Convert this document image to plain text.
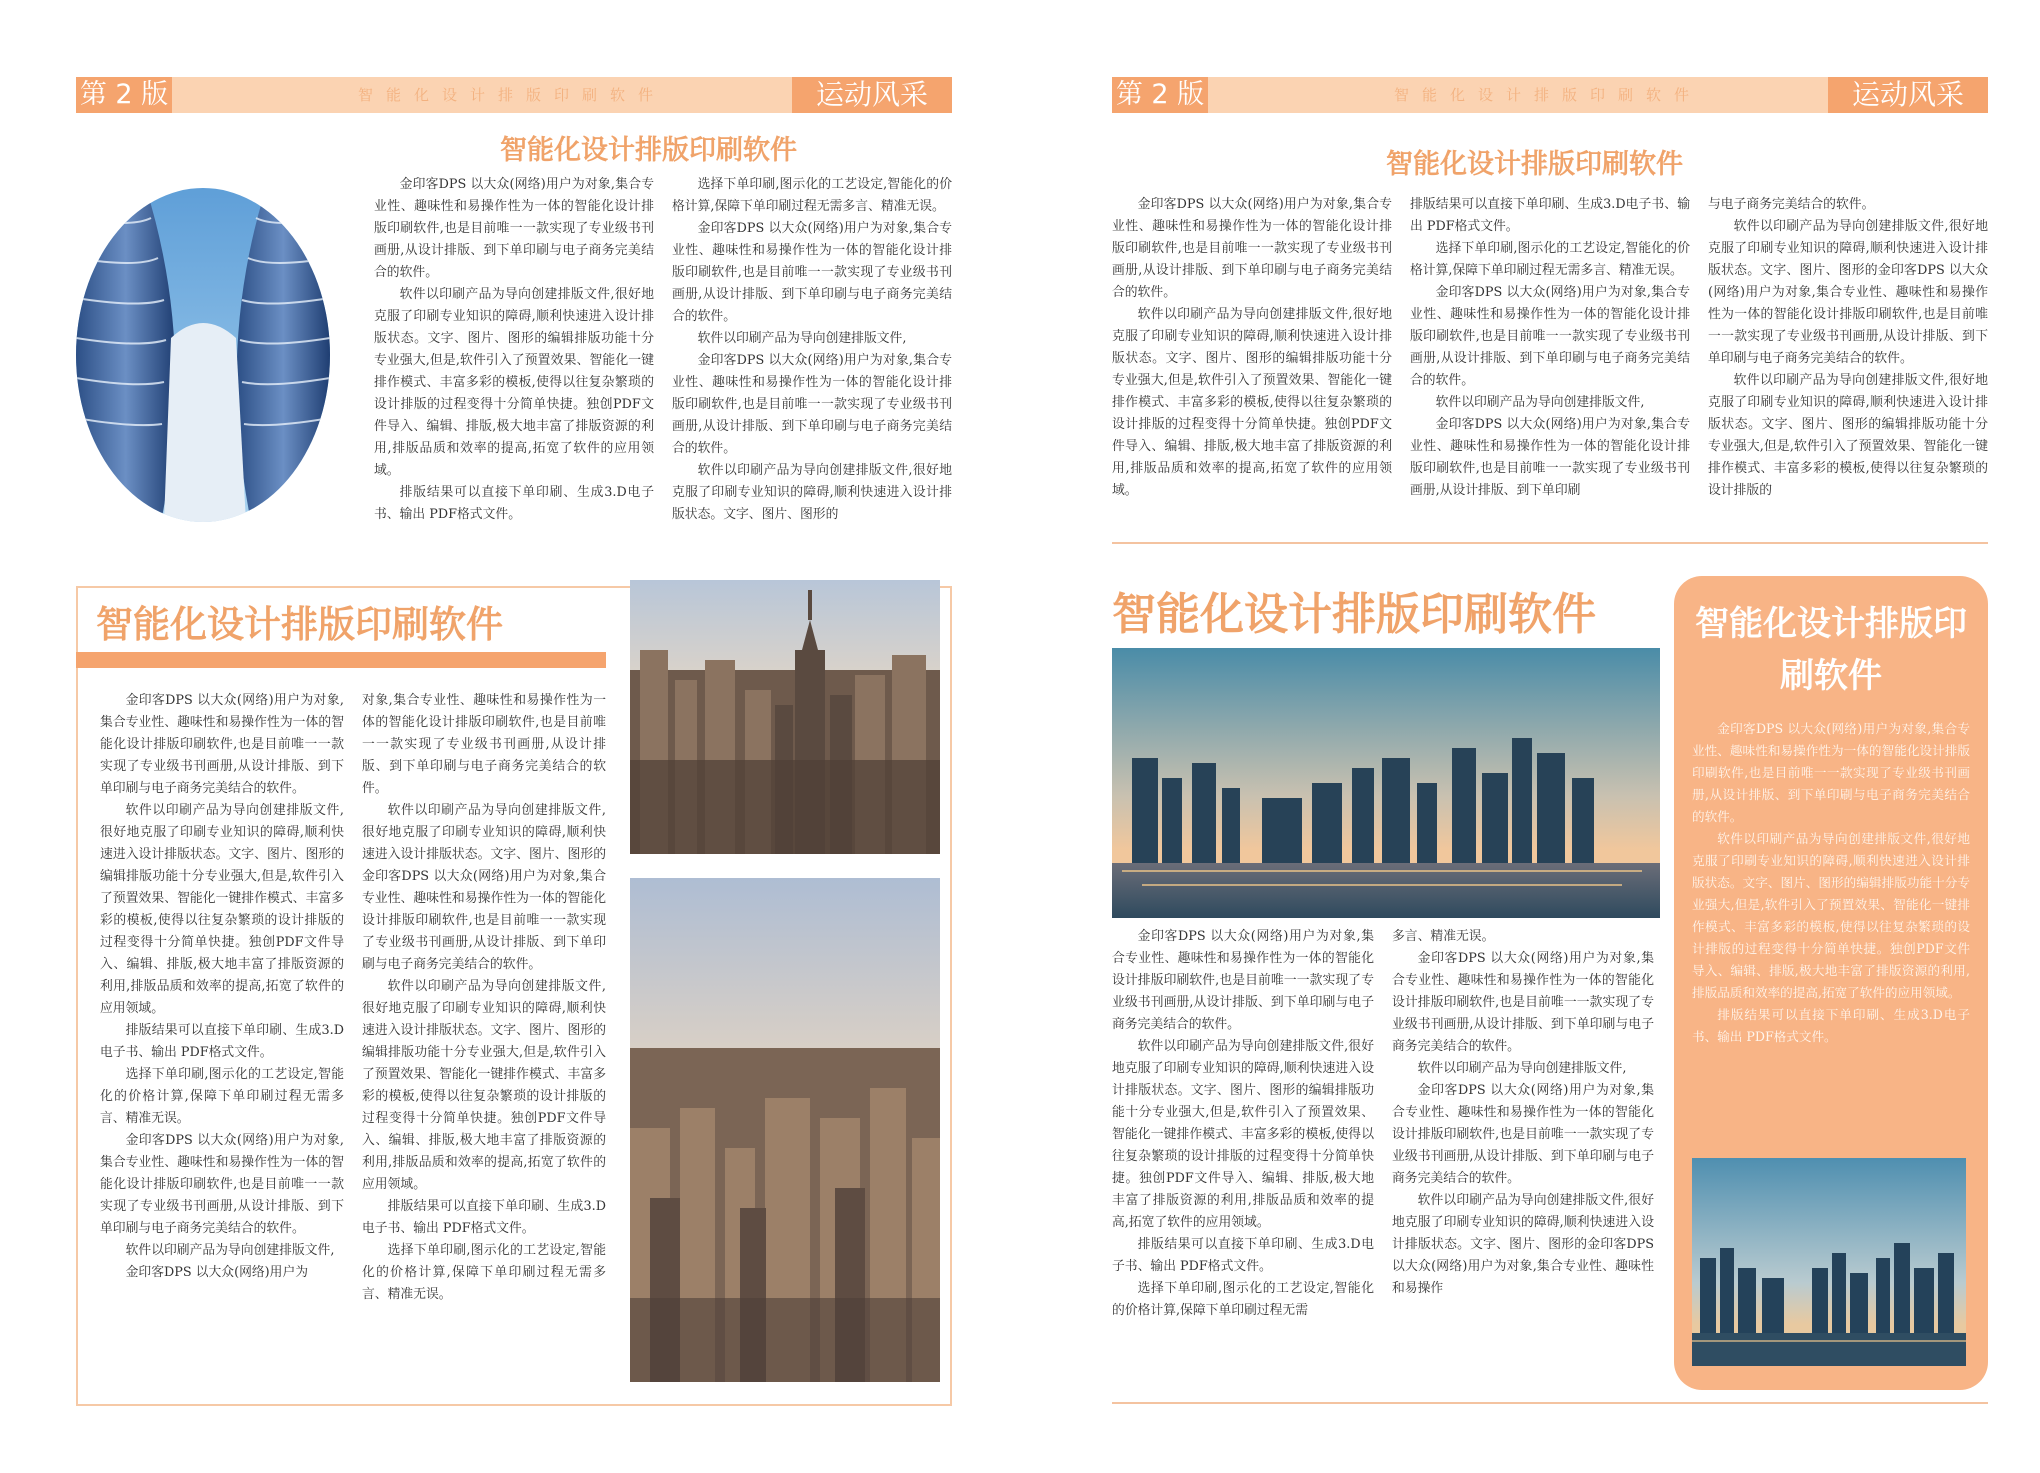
第 2 版	智能化设计排版印刷软件	运动风采
智能化设计排版印刷软件

金印客DPS 以大众(网络)用户为对象,集合专业性、趣味性和易操作性为一体的智能化设计排版印刷软件,也是目前唯一一款实现了专业级书刊画册,从设计排版、到下单印刷与电子商务完美结合的软件。

软件以印刷产品为导向创建排版文件,很好地克服了印刷专业知识的障碍,顺利快速进入设计排版状态。文字、图片、图形的编辑排版功能十分专业强大,但是,软件引入了预置效果、智能化一键排作模式、丰富多彩的模板,使得以往复杂繁琐的设计排版的过程变得十分简单快捷。独创PDF文件导入、编辑、排版,极大地丰富了排版资源的利用,排版品质和效率的提高,拓宽了软件的应用领域。

排版结果可以直接下单印刷、生成3.D电子书、输出 PDF格式文件。

选择下单印刷,图示化的工艺设定,智能化的价格计算,保障下单印刷过程无需多言、精准无误。

金印客DPS 以大众(网络)用户为对象,集合专业性、趣味性和易操作性为一体的智能化设计排版印刷软件,也是目前唯一一款实现了专业级书刊画册,从设计排版、到下单印刷与电子商务完美结合的软件。

软件以印刷产品为导向创建排版文件,

金印客DPS 以大众(网络)用户为对象,集合专业性、趣味性和易操作性为一体的智能化设计排版印刷软件,也是目前唯一一款实现了专业级书刊画册,从设计排版、到下单印刷与电子商务完美结合的软件。

软件以印刷产品为导向创建排版文件,很好地克服了印刷专业知识的障碍,顺利快速进入设计排版状态。文字、图片、图形的

智能化设计排版印刷软件

金印客DPS 以大众(网络)用户为对象,集合专业性、趣味性和易操作性为一体的智能化设计排版印刷软件,也是目前唯一一款实现了专业级书刊画册,从设计排版、到下单印刷与电子商务完美结合的软件。

软件以印刷产品为导向创建排版文件,很好地克服了印刷专业知识的障碍,顺利快速进入设计排版状态。文字、图片、图形的编辑排版功能十分专业强大,但是,软件引入了预置效果、智能化一键排作模式、丰富多彩的模板,使得以往复杂繁琐的设计排版的过程变得十分简单快捷。独创PDF文件导入、编辑、排版,极大地丰富了排版资源的利用,排版品质和效率的提高,拓宽了软件的应用领域。

排版结果可以直接下单印刷、生成3.D电子书、输出 PDF格式文件。

选择下单印刷,图示化的工艺设定,智能化的价格计算,保障下单印刷过程无需多言、精准无误。

金印客DPS 以大众(网络)用户为对象,集合专业性、趣味性和易操作性为一体的智能化设计排版印刷软件,也是目前唯一一款实现了专业级书刊画册,从设计排版、到下单印刷与电子商务完美结合的软件。

软件以印刷产品为导向创建排版文件,

金印客DPS 以大众(网络)用户为

对象,集合专业性、趣味性和易操作性为一体的智能化设计排版印刷软件,也是目前唯一一款实现了专业级书刊画册,从设计排版、到下单印刷与电子商务完美结合的软件。

软件以印刷产品为导向创建排版文件,很好地克服了印刷专业知识的障碍,顺利快速进入设计排版状态。文字、图片、图形的金印客DPS 以大众(网络)用户为对象,集合专业性、趣味性和易操作性为一体的智能化设计排版印刷软件,也是目前唯一一款实现了专业级书刊画册,从设计排版、到下单印刷与电子商务完美结合的软件。

软件以印刷产品为导向创建排版文件,很好地克服了印刷专业知识的障碍,顺利快速进入设计排版状态。文字、图片、图形的编辑排版功能十分专业强大,但是,软件引入了预置效果、智能化一键排作模式、丰富多彩的模板,使得以往复杂繁琐的设计排版的过程变得十分简单快捷。独创PDF文件导入、编辑、排版,极大地丰富了排版资源的利用,排版品质和效率的提高,拓宽了软件的应用领域。

排版结果可以直接下单印刷、生成3.D电子书、输出 PDF格式文件。

选择下单印刷,图示化的工艺设定,智能化的价格计算,保障下单印刷过程无需多言、精准无误。

第 2 版	智能化设计排版印刷软件	运动风采
智能化设计排版印刷软件

金印客DPS 以大众(网络)用户为对象,集合专业性、趣味性和易操作性为一体的智能化设计排版印刷软件,也是目前唯一一款实现了专业级书刊画册,从设计排版、到下单印刷与电子商务完美结合的软件。

软件以印刷产品为导向创建排版文件,很好地克服了印刷专业知识的障碍,顺利快速进入设计排版状态。文字、图片、图形的编辑排版功能十分专业强大,但是,软件引入了预置效果、智能化一键排作模式、丰富多彩的模板,使得以往复杂繁琐的设计排版的过程变得十分简单快捷。独创PDF文件导入、编辑、排版,极大地丰富了排版资源的利用,排版品质和效率的提高,拓宽了软件的应用领域。

排版结果可以直接下单印刷、生成3.D电子书、输出 PDF格式文件。

选择下单印刷,图示化的工艺设定,智能化的价格计算,保障下单印刷过程无需多言、精准无误。

金印客DPS 以大众(网络)用户为对象,集合专业性、趣味性和易操作性为一体的智能化设计排版印刷软件,也是目前唯一一款实现了专业级书刊画册,从设计排版、到下单印刷与电子商务完美结合的软件。

软件以印刷产品为导向创建排版文件,

金印客DPS 以大众(网络)用户为对象,集合专业性、趣味性和易操作性为一体的智能化设计排版印刷软件,也是目前唯一一款实现了专业级书刊画册,从设计排版、到下单印刷

与电子商务完美结合的软件。

软件以印刷产品为导向创建排版文件,很好地克服了印刷专业知识的障碍,顺利快速进入设计排版状态。文字、图片、图形的金印客DPS 以大众(网络)用户为对象,集合专业性、趣味性和易操作性为一体的智能化设计排版印刷软件,也是目前唯一一款实现了专业级书刊画册,从设计排版、到下单印刷与电子商务完美结合的软件。

软件以印刷产品为导向创建排版文件,很好地克服了印刷专业知识的障碍,顺利快速进入设计排版状态。文字、图片、图形的编辑排版功能十分专业强大,但是,软件引入了预置效果、智能化一键排作模式、丰富多彩的模板,使得以往复杂繁琐的设计排版的

智能化设计排版印刷软件

金印客DPS 以大众(网络)用户为对象,集合专业性、趣味性和易操作性为一体的智能化设计排版印刷软件,也是目前唯一一款实现了专业级书刊画册,从设计排版、到下单印刷与电子商务完美结合的软件。

软件以印刷产品为导向创建排版文件,很好地克服了印刷专业知识的障碍,顺利快速进入设计排版状态。文字、图片、图形的编辑排版功能十分专业强大,但是,软件引入了预置效果、智能化一键排作模式、丰富多彩的模板,使得以往复杂繁琐的设计排版的过程变得十分简单快捷。独创PDF文件导入、编辑、排版,极大地丰富了排版资源的利用,排版品质和效率的提高,拓宽了软件的应用领域。

排版结果可以直接下单印刷、生成3.D电子书、输出 PDF格式文件。

选择下单印刷,图示化的工艺设定,智能化的价格计算,保障下单印刷过程无需

多言、精准无误。

金印客DPS 以大众(网络)用户为对象,集合专业性、趣味性和易操作性为一体的智能化设计排版印刷软件,也是目前唯一一款实现了专业级书刊画册,从设计排版、到下单印刷与电子商务完美结合的软件。

软件以印刷产品为导向创建排版文件,

金印客DPS 以大众(网络)用户为对象,集合专业性、趣味性和易操作性为一体的智能化设计排版印刷软件,也是目前唯一一款实现了专业级书刊画册,从设计排版、到下单印刷与电子商务完美结合的软件。

软件以印刷产品为导向创建排版文件,很好地克服了印刷专业知识的障碍,顺利快速进入设计排版状态。文字、图片、图形的金印客DPS 以大众(网络)用户为对象,集合专业性、趣味性和易操作

智能化设计排版印刷软件

金印客DPS 以大众(网络)用户为对象,集合专业性、趣味性和易操作性为一体的智能化设计排版印刷软件,也是目前唯一一款实现了专业级书刊画册,从设计排版、到下单印刷与电子商务完美结合的软件。

软件以印刷产品为导向创建排版文件,很好地克服了印刷专业知识的障碍,顺利快速进入设计排版状态。文字、图片、图形的编辑排版功能十分专业强大,但是,软件引入了预置效果、智能化一键排作模式、丰富多彩的模板,使得以往复杂繁琐的设计排版的过程变得十分简单快捷。独创PDF文件导入、编辑、排版,极大地丰富了排版资源的利用,排版品质和效率的提高,拓宽了软件的应用领域。

排版结果可以直接下单印刷、生成3.D电子书、输出 PDF格式文件。
